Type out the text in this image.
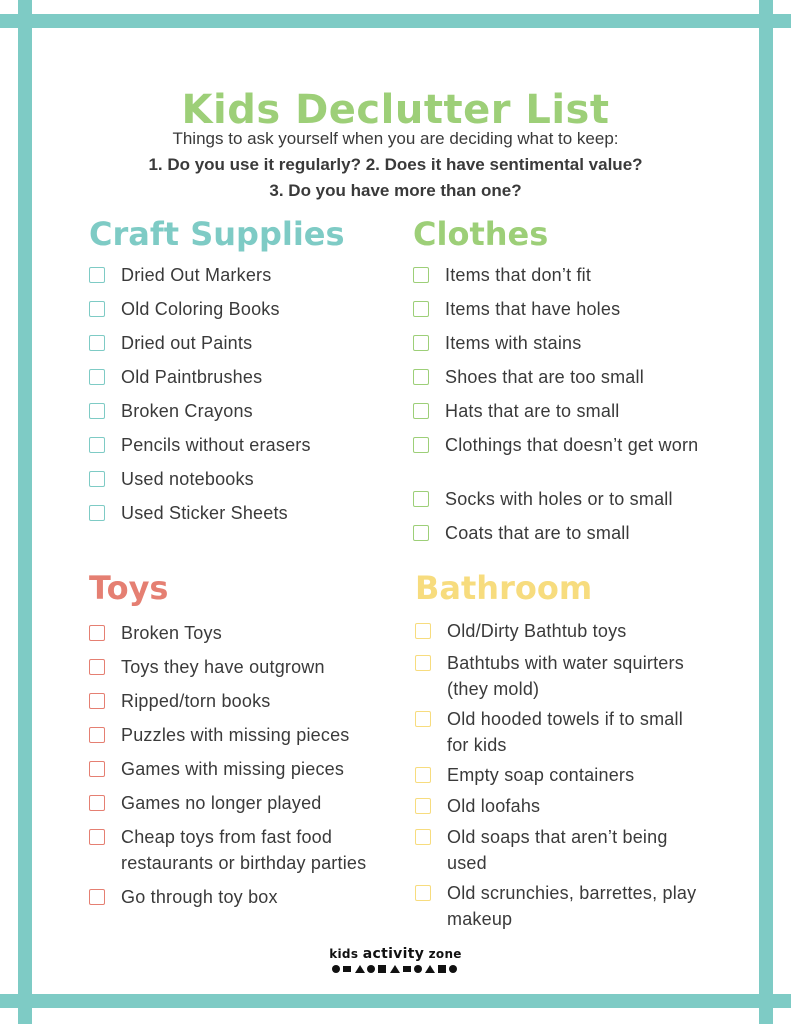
Kids Declutter List
Things to ask yourself when you are deciding what to keep:
1. Do you use it regularly? 2. Does it have sentimental value?
3. Do you have more than one?
Craft Supplies
Dried Out Markers
Old Coloring Books
Dried out Paints
Old Paintbrushes
Broken Crayons
Pencils without erasers
Used notebooks
Used Sticker Sheets
Clothes
Items that don’t fit
Items that have holes
Items with stains
Shoes that are too small
Hats that are to small
Clothings that doesn’t get worn
Socks with holes or to small
Coats that are to small
Toys
Broken Toys
Toys they have outgrown
Ripped/torn books
Puzzles with missing pieces
Games with missing pieces
Games no longer played
Cheap toys from fast food restaurants or birthday parties
Go through toy box
Bathroom
Old/Dirty Bathtub toys
Bathtubs with water squirters (they mold)
Old hooded towels if to small for kids
Empty soap containers
Old loofahs
Old soaps that aren’t being used
Old scrunchies, barrettes, play makeup
kids activity zone
